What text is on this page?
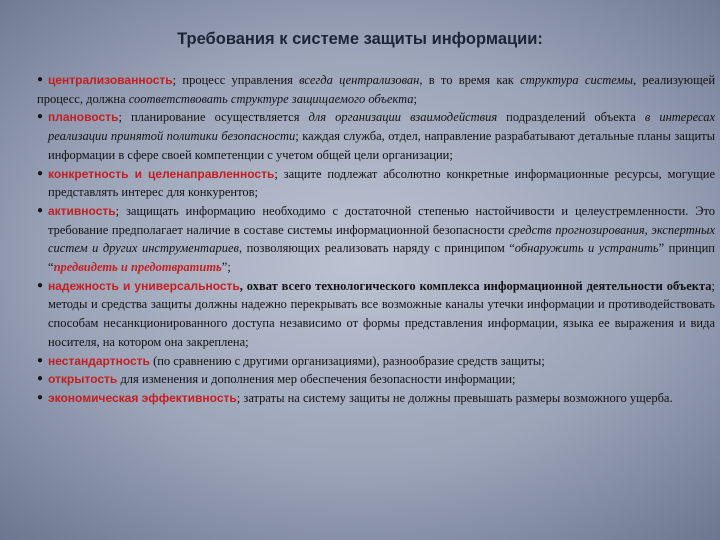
Требования к системе защиты информации:

● централизованность; процесс управления всегда централизован, в то время как структура системы, реализующей процесс, должна соответствовать структуре защищаемого объекта;

● плановость; планирование осуществляется для организации взаимодействия подразделений объекта в интересах реализации принятой политики безопасности; каждая служба, отдел, направление разрабатывают детальные планы защиты информации в сфере своей компетенции с учетом общей цели организации;

● конкретность и целенаправленность; защите подлежат абсолютно конкретные информационные ресурсы, могущие представлять интерес для конкурентов;

● активность; защищать информацию необходимо с достаточной степенью настойчивости и целеустремленности. Это требование предполагает наличие в составе системы информационной безопасности средств прогнозирования, экспертных систем и других инструментариев, позволяющих реализовать наряду с принципом “обнаружить и устранить” принцип “предвидеть и предотвратить”;

● надежность и универсальность, охват всего технологического комплекса информационной деятельности объекта; методы и средства защиты должны надежно перекрывать все возможные каналы утечки информации и противодействовать способам несанкционированного доступа независимо от формы представления информации, языка ее выражения и вида носителя, на котором она закреплена;

● нестандартность (по сравнению с другими организациями), разнообразие средств защиты;

● открытость для изменения и дополнения мер обеспечения безопасности информации;

● экономическая эффективность; затраты на систему защиты не должны превышать размеры возможного ущерба.
